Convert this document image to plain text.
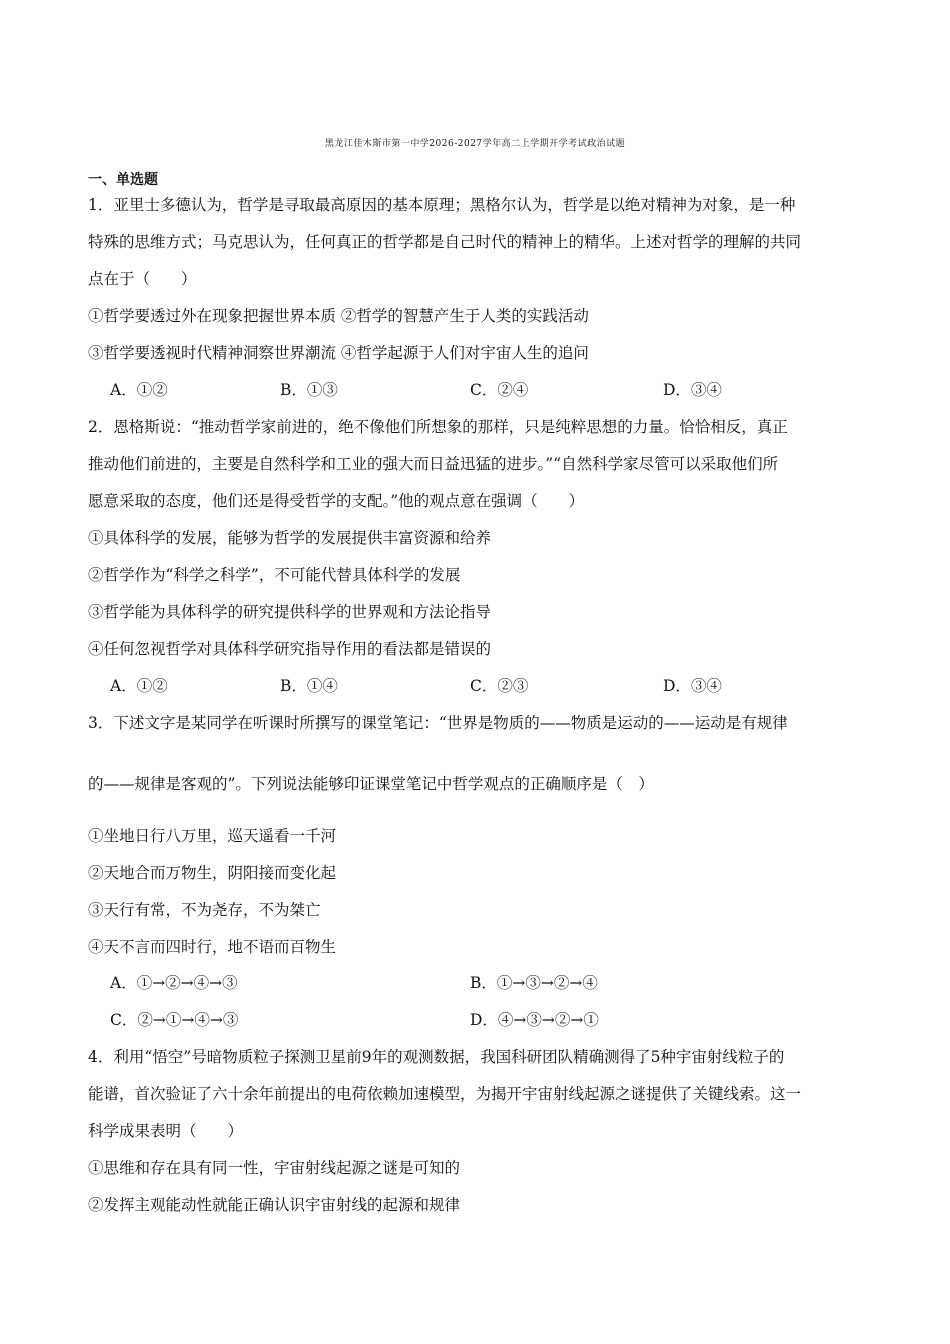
黑龙江佳木斯市第一中学2026-2027学年高二上学期开学考试政治试题
一、单选题
1．亚里士多德认为，哲学是寻取最高原因的基本原理；黑格尔认为，哲学是以绝对精神为对象，是一种
特殊的思维方式；马克思认为，任何真正的哲学都是自己时代的精神上的精华。上述对哲学的理解的共同
点在于（　　）
①哲学要透过外在现象把握世界本质 ②哲学的智慧产生于人类的实践活动
③哲学要透视时代精神洞察世界潮流 ④哲学起源于人们对宇宙人生的追问
A．①②	B．①③	C．②④	D．③④
2．恩格斯说：“推动哲学家前进的，绝不像他们所想象的那样，只是纯粹思想的力量。恰恰相反，真正
推动他们前进的，主要是自然科学和工业的强大而日益迅猛的进步。”“自然科学家尽管可以采取他们所
愿意采取的态度，他们还是得受哲学的支配。”他的观点意在强调（　　）
①具体科学的发展，能够为哲学的发展提供丰富资源和给养
②哲学作为“科学之科学”，不可能代替具体科学的发展
③哲学能为具体科学的研究提供科学的世界观和方法论指导
④任何忽视哲学对具体科学研究指导作用的看法都是错误的
A．①②	B．①④	C．②③	D．③④
3．下述文字是某同学在听课时所撰写的课堂笔记：“世界是物质的——物质是运动的——运动是有规律
的——规律是客观的”。下列说法能够印证课堂笔记中哲学观点的正确顺序是（　）
①坐地日行八万里，巡天遥看一千河
②天地合而万物生，阴阳接而变化起
③天行有常，不为尧存，不为桀亡
④天不言而四时行，地不语而百物生
A．①→②→④→③	B．①→③→②→④
C．②→①→④→③	D．④→③→②→①
4．利用“悟空”号暗物质粒子探测卫星前9年的观测数据，我国科研团队精确测得了5种宇宙射线粒子的
能谱，首次验证了六十余年前提出的电荷依赖加速模型，为揭开宇宙射线起源之谜提供了关键线索。这一
科学成果表明（　　）
①思维和存在具有同一性，宇宙射线起源之谜是可知的
②发挥主观能动性就能正确认识宇宙射线的起源和规律
